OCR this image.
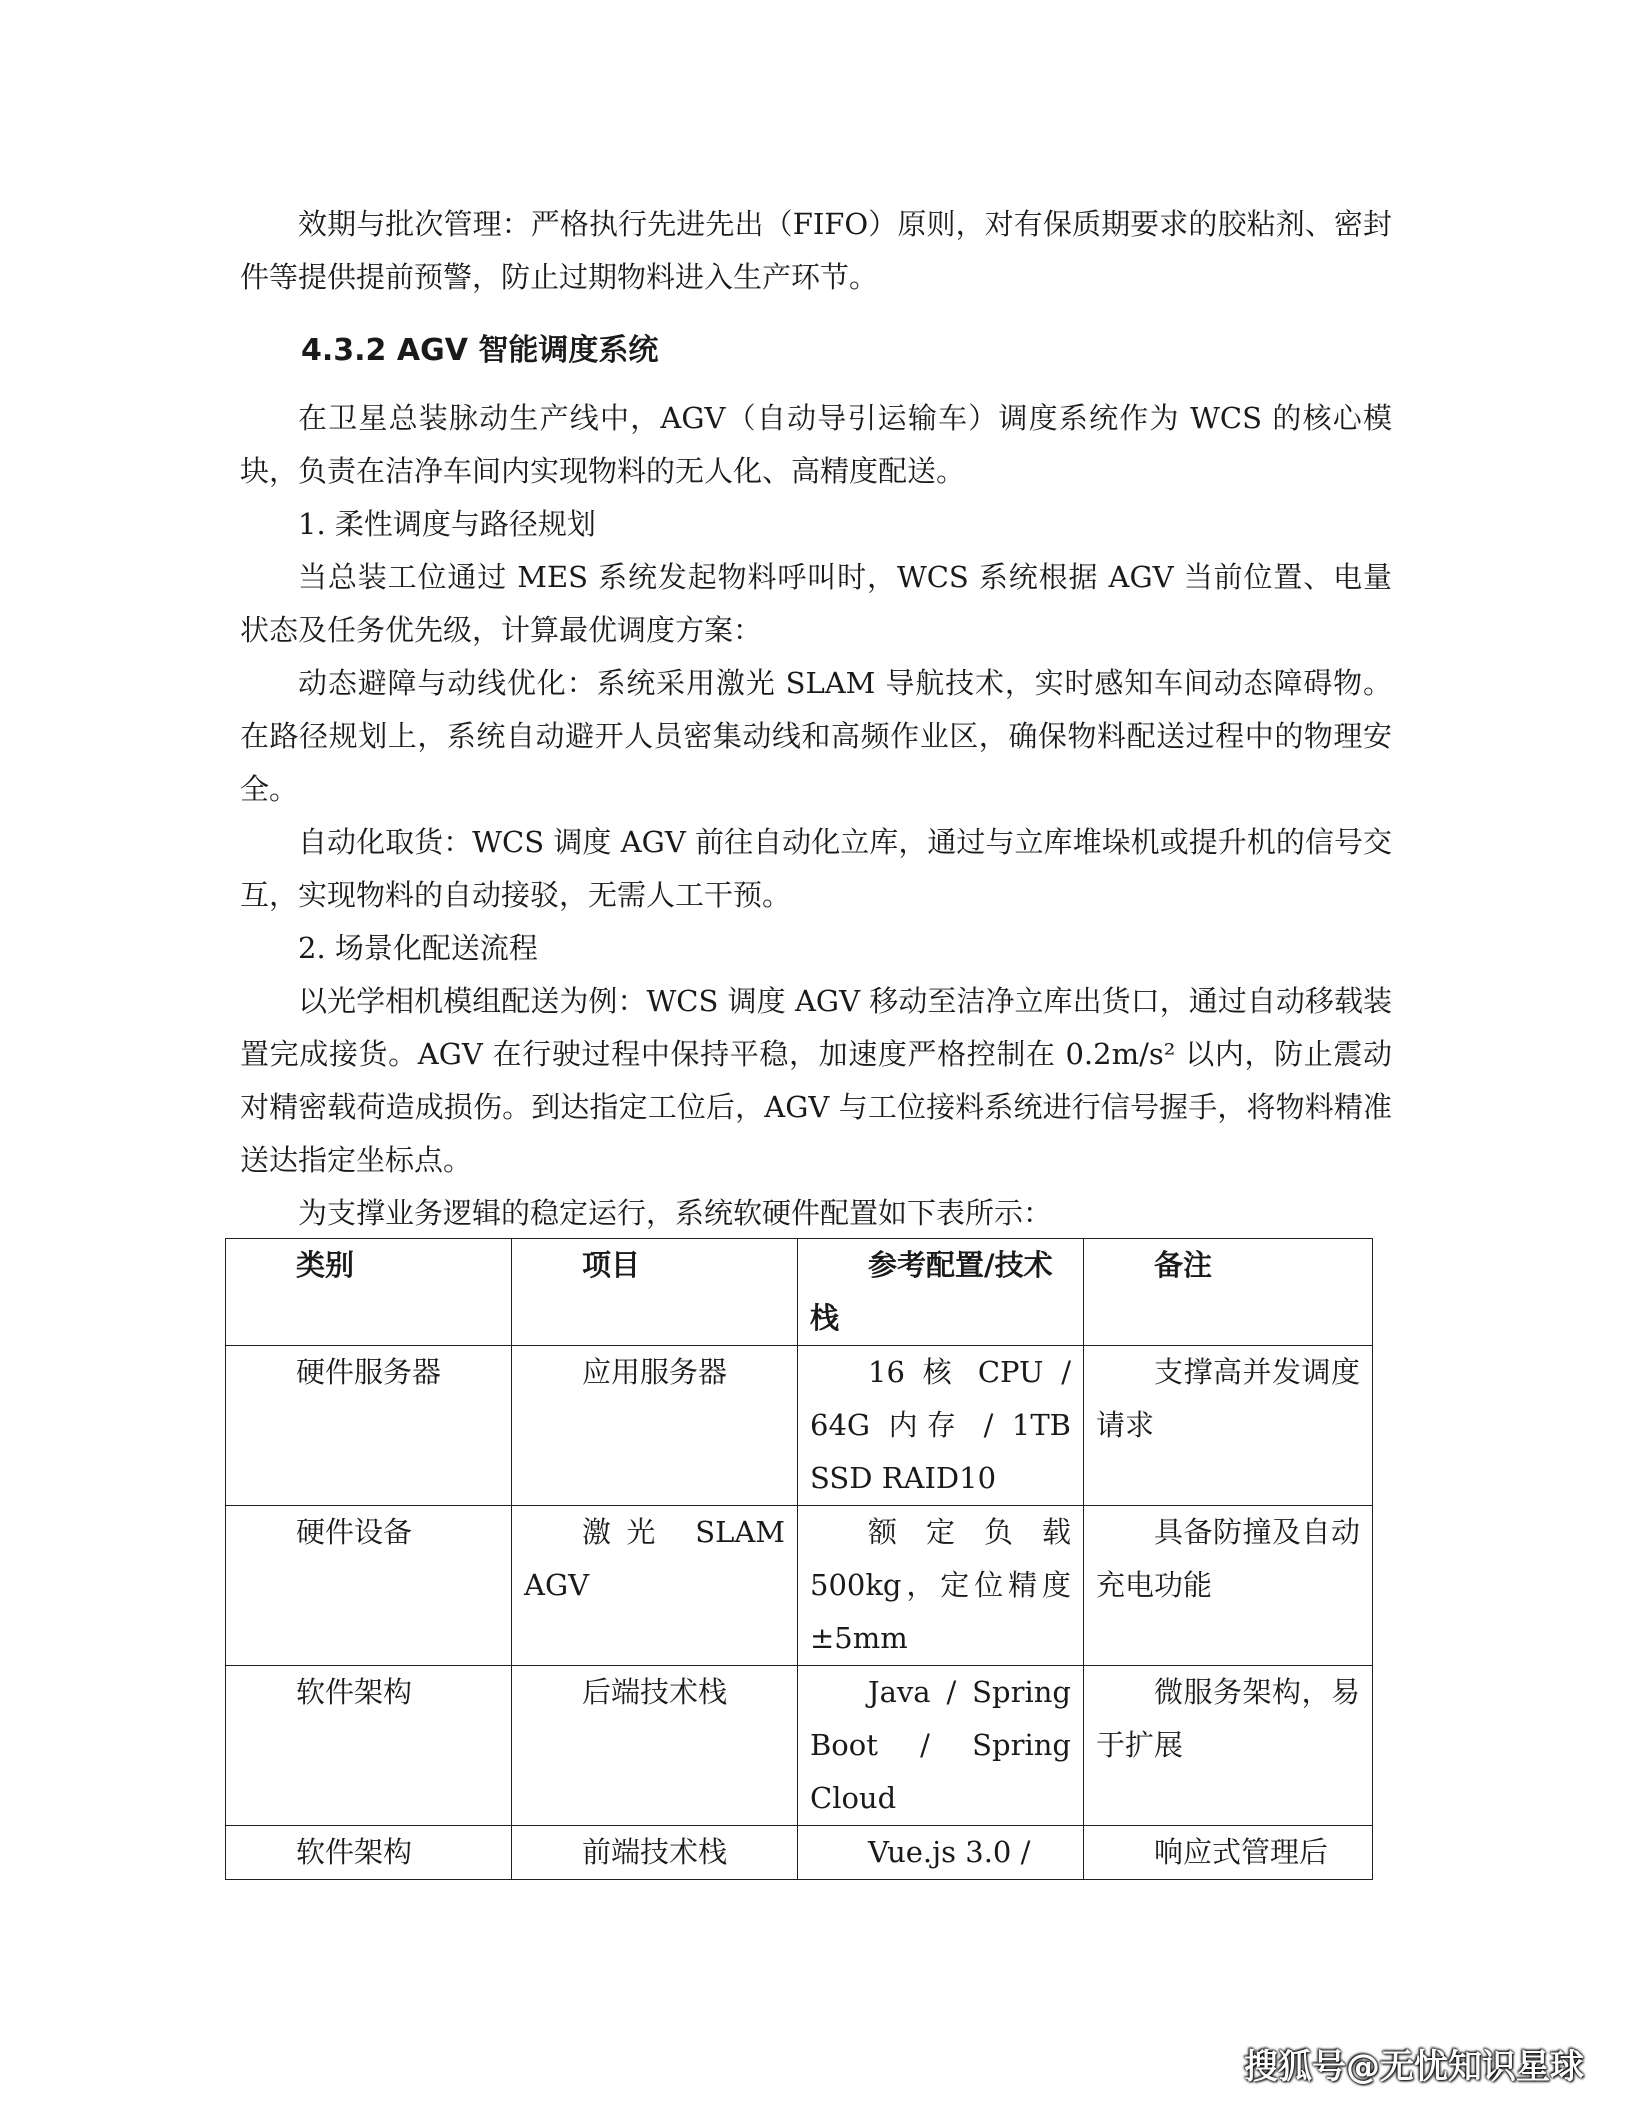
效期与批次管理：严格执行先进先出（FIFO）原则，对有保质期要求的胶粘剂、密封件等提供提前预警，防止过期物料进入生产环节。

4.3.2 AGV 智能调度系统

在卫星总装脉动生产线中，AGV（自动导引运输车）调度系统作为 WCS 的核心模块，负责在洁净车间内实现物料的无人化、高精度配送。

1. 柔性调度与路径规划

当总装工位通过 MES 系统发起物料呼叫时，WCS 系统根据 AGV 当前位置、电量状态及任务优先级，计算最优调度方案：

动态避障与动线优化：系统采用激光 SLAM 导航技术，实时感知车间动态障碍物。在路径规划上，系统自动避开人员密集动线和高频作业区，确保物料配送过程中的物理安全。

自动化取货：WCS 调度 AGV 前往自动化立库，通过与立库堆垛机或提升机的信号交互，实现物料的自动接驳，无需人工干预。

2. 场景化配送流程

以光学相机模组配送为例：WCS 调度 AGV 移动至洁净立库出货口，通过自动移载装置完成接货。AGV 在行驶过程中保持平稳，加速度严格控制在 0.2m/s² 以内，防止震动对精密载荷造成损伤。到达指定工位后，AGV 与工位接料系统进行信号握手，将物料精准送达指定坐标点。

为支撑业务逻辑的稳定运行，系统软硬件配置如下表所示：

类别	项目	参考配置/技术栈	备注
硬件服务器	应用服务器	16 核 CPU / 64G 内存 / 1TB SSD RAID10	支撑高并发调度请求
硬件设备	激光 SLAM AGV	额定负载 500kg，定位精度±5mm	具备防撞及自动充电功能
软件架构	后端技术栈	Java / Spring Boot / Spring Cloud	微服务架构，易于扩展
软件架构	前端技术栈	Vue.js 3.0 /	响应式管理后
搜狐号@无忧知识星球
